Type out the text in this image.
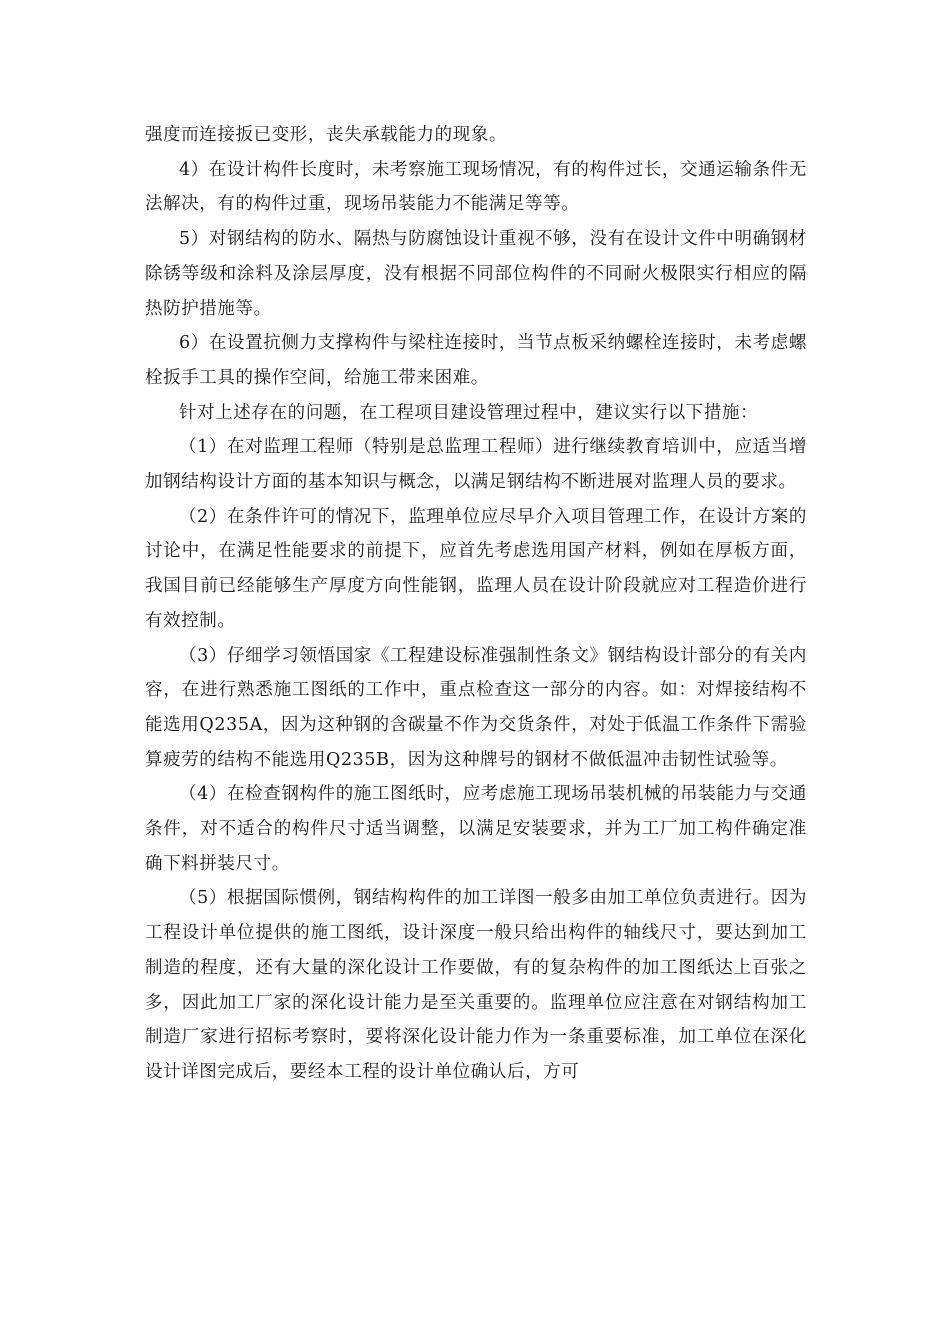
强度而连接扳已变形，丧失承载能力的现象。

4）在设计构件长度时，未考察施工现场情况，有的构件过长，交通运输条件无法解决，有的构件过重，现场吊装能力不能满足等等。

5）对钢结构的防水、隔热与防腐蚀设计重视不够，没有在设计文件中明确钢材除锈等级和涂料及涂层厚度，没有根据不同部位构件的不同耐火极限实行相应的隔热防护措施等。

6）在设置抗侧力支撑构件与梁柱连接时，当节点板采纳螺栓连接时，未考虑螺栓扳手工具的操作空间，给施工带来困难。

针对上述存在的问题，在工程项目建设管理过程中，建议实行以下措施：

（1）在对监理工程师（特别是总监理工程师）进行继续教育培训中，应适当增加钢结构设计方面的基本知识与概念，以满足钢结构不断进展对监理人员的要求。

（2）在条件许可的情况下，监理单位应尽早介入项目管理工作，在设计方案的讨论中，在满足性能要求的前提下，应首先考虑选用国产材料，例如在厚板方面，我国目前已经能够生产厚度方向性能钢，监理人员在设计阶段就应对工程造价进行有效控制。

（3）仔细学习领悟国家《工程建设标准强制性条文》钢结构设计部分的有关内容，在进行熟悉施工图纸的工作中，重点检查这一部分的内容。如：对焊接结构不能选用Q235A，因为这种钢的含碳量不作为交货条件，对处于低温工作条件下需验算疲劳的结构不能选用Q235B，因为这种牌号的钢材不做低温冲击韧性试验等。

（4）在检查钢构件的施工图纸时，应考虑施工现场吊装机械的吊装能力与交通条件，对不适合的构件尺寸适当调整，以满足安装要求，并为工厂加工构件确定准确下料拼装尺寸。

（5）根据国际惯例，钢结构构件的加工详图一般多由加工单位负责进行。因为工程设计单位提供的施工图纸，设计深度一般只给出构件的轴线尺寸，要达到加工制造的程度，还有大量的深化设计工作要做，有的复杂构件的加工图纸达上百张之多，因此加工厂家的深化设计能力是至关重要的。监理单位应注意在对钢结构加工制造厂家进行招标考察时，要将深化设计能力作为一条重要标准，加工单位在深化设计详图完成后，要经本工程的设计单位确认后，方可
